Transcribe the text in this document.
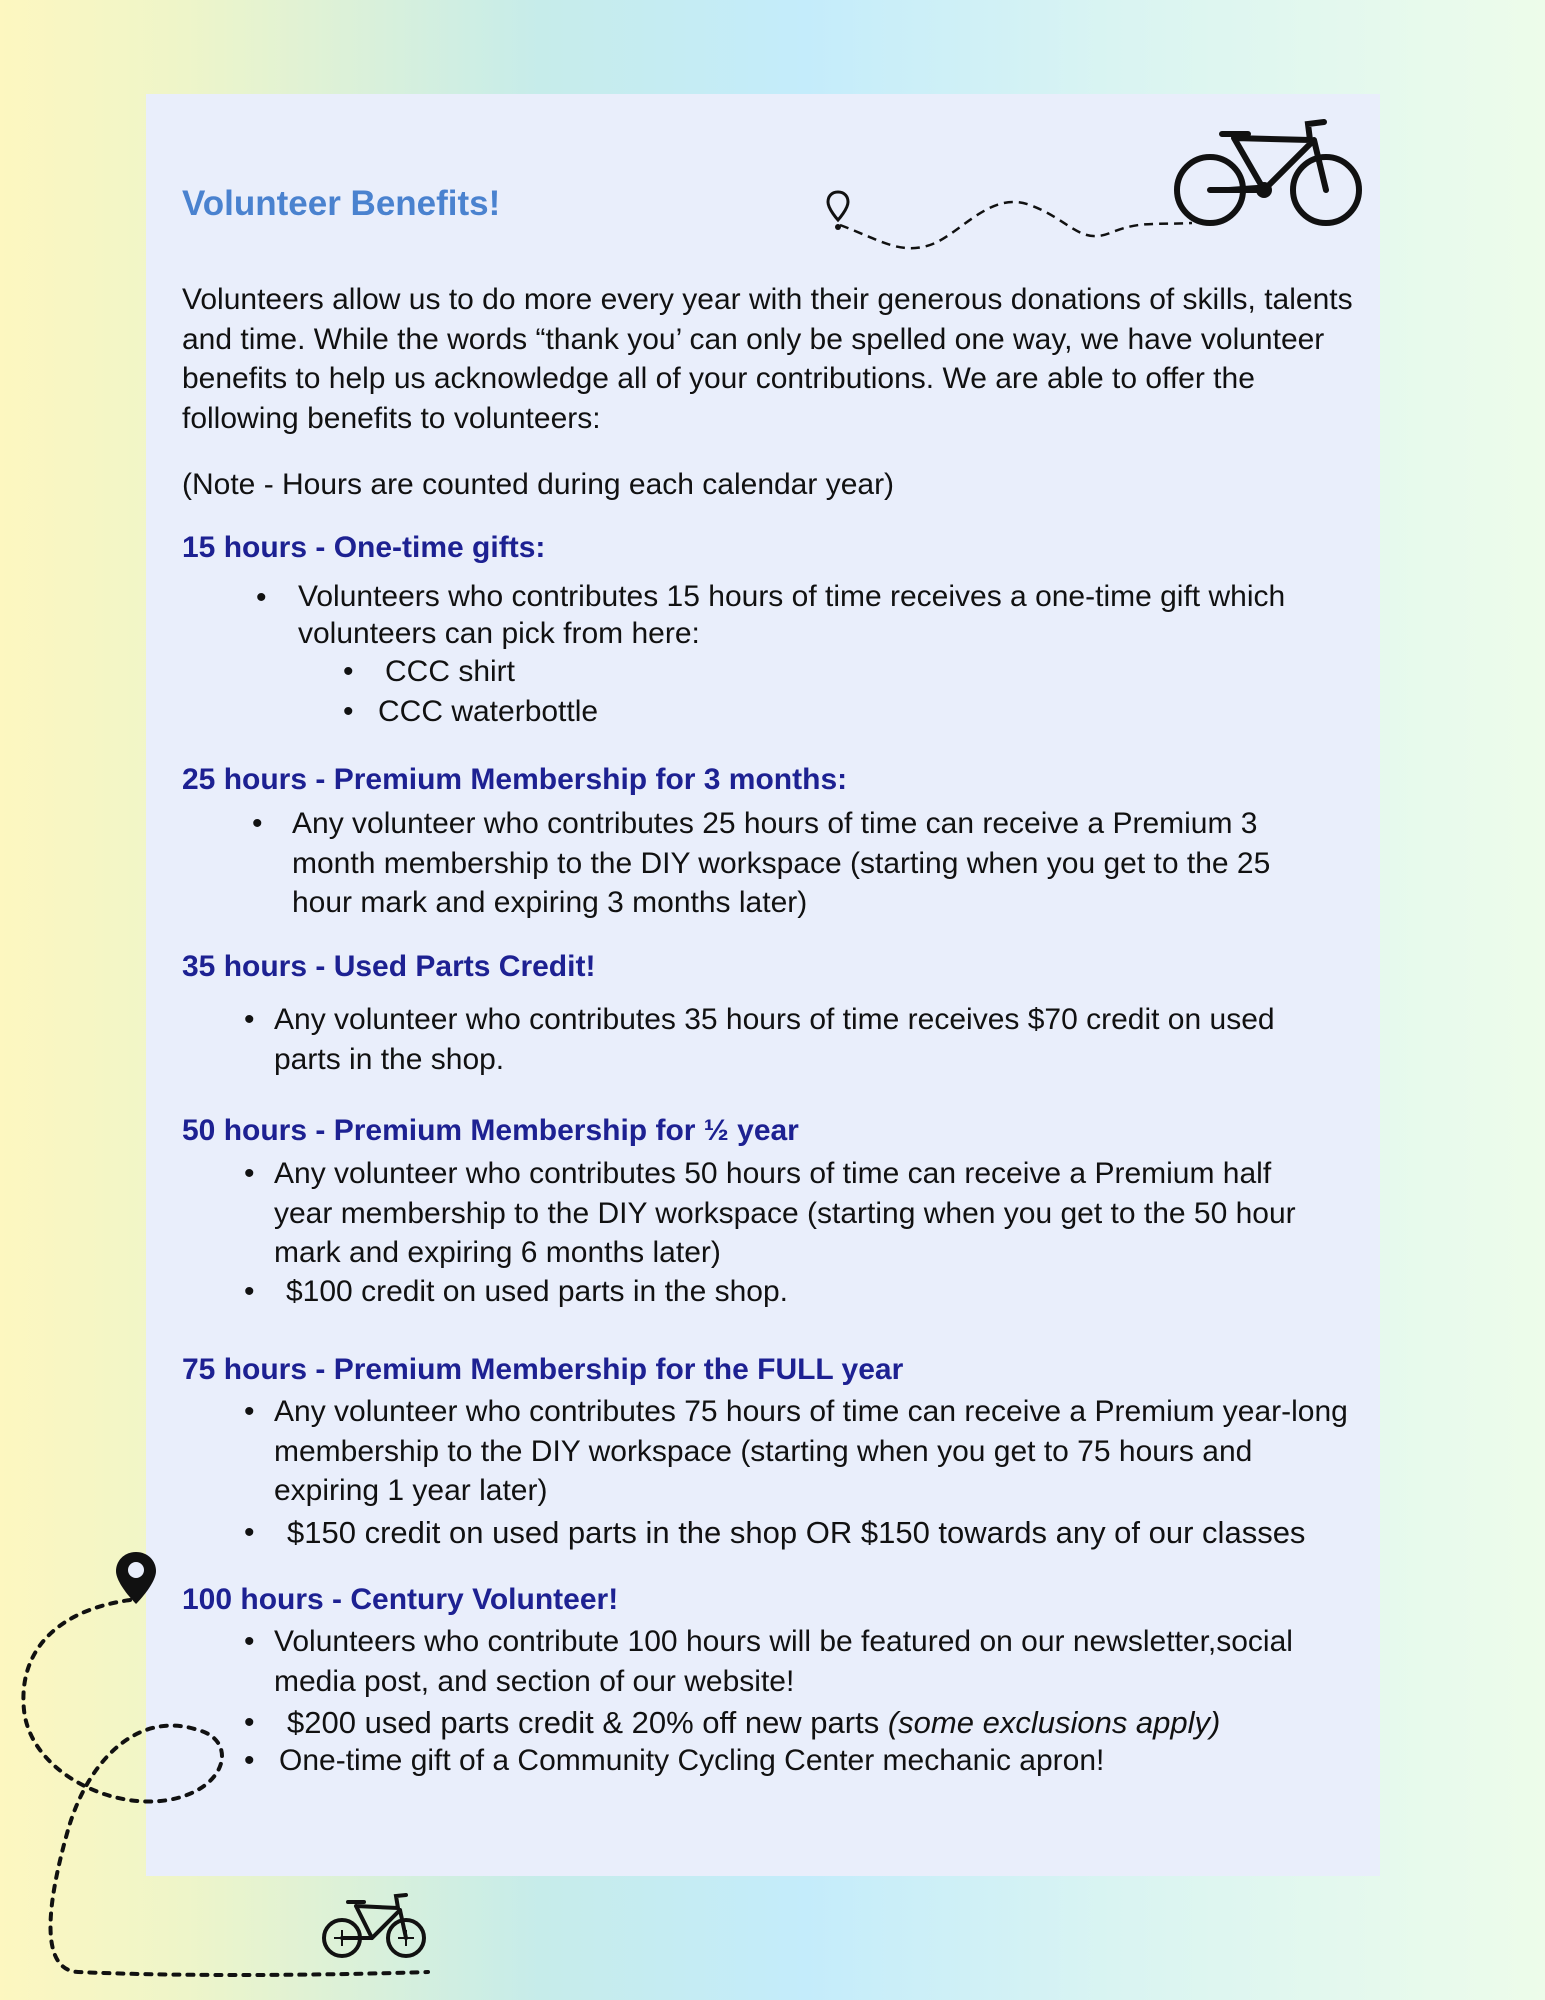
Volunteer Benefits!

Volunteers allow us to do more every year with their generous donations of skills, talents and time. While the words “thank you’ can only be spelled one way, we have volunteer benefits to help us acknowledge all of your contributions. We are able to offer the following benefits to volunteers:

(Note - Hours are counted during each calendar year)

15 hours - One-time gifts:
• Volunteers who contributes 15 hours of time receives a one-time gift which volunteers can pick from here:

• CCC shirt

• CCC waterbottle

25 hours - Premium Membership for 3 months:
• Any volunteer who contributes 25 hours of time can receive a Premium 3 month membership to the DIY workspace (starting when you get to the 25 hour mark and expiring 3 months later)

35 hours - Used Parts Credit!
• Any volunteer who contributes 35 hours of time receives $70 credit on used parts in the shop.

50 hours - Premium Membership for ½ year
• Any volunteer who contributes 50 hours of time can receive a Premium half year membership to the DIY workspace (starting when you get to the 50 hour mark and expiring 6 months later)

• $100 credit on used parts in the shop.

75 hours - Premium Membership for the FULL year
• Any volunteer who contributes 75 hours of time can receive a Premium year-long membership to the DIY workspace (starting when you get to 75 hours and expiring 1 year later)

• $150 credit on used parts in the shop OR $150 towards any of our classes

100 hours - Century Volunteer!
• Volunteers who contribute 100 hours will be featured on our newsletter,social media post, and section of our website!

• $200 used parts credit & 20% off new parts (some exclusions apply)

• One-time gift of a Community Cycling Center mechanic apron!
